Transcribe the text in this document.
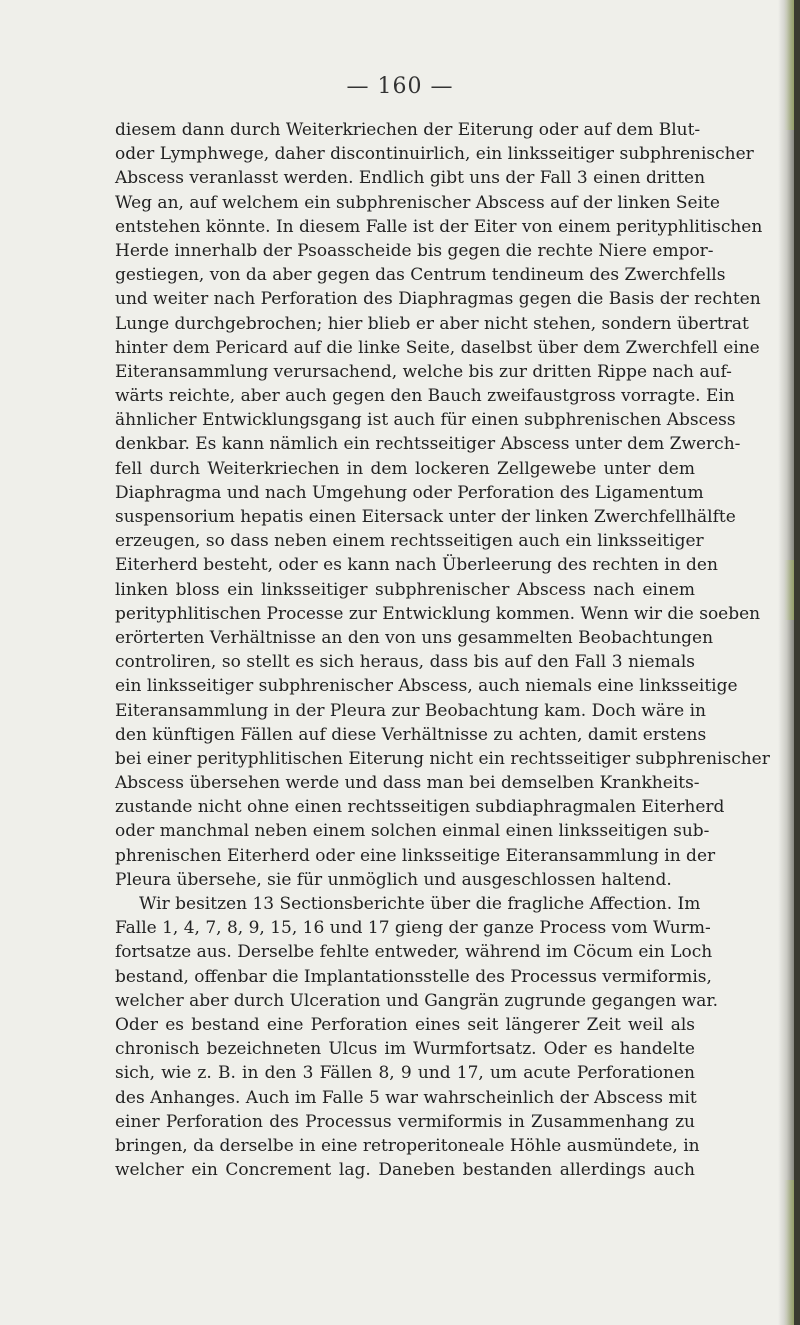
— 160 —
diesem dann durch Weiterkriechen der Eiterung oder auf dem Blut-
oder Lymphwege, daher discontinuirlich, ein linksseitiger subphrenischer
Abscess veranlasst werden. Endlich gibt uns der Fall 3 einen dritten
Weg an, auf welchem ein subphrenischer Abscess auf der linken Seite
entstehen könnte. In diesem Falle ist der Eiter von einem perityphlitischen
Herde innerhalb der Psoasscheide bis gegen die rechte Niere empor-
gestiegen, von da aber gegen das Centrum tendineum des Zwerchfells
und weiter nach Perforation des Diaphragmas gegen die Basis der rechten
Lunge durchgebrochen; hier blieb er aber nicht stehen, sondern übertrat
hinter dem Pericard auf die linke Seite, daselbst über dem Zwerchfell eine
Eiteransammlung verursachend, welche bis zur dritten Rippe nach auf-
wärts reichte, aber auch gegen den Bauch zweifaustgross vorragte. Ein
ähnlicher Entwicklungsgang ist auch für einen subphrenischen Abscess
denkbar. Es kann nämlich ein rechtsseitiger Abscess unter dem Zwerch-
fell durch Weiterkriechen in dem lockeren Zellgewebe unter dem
Diaphragma und nach Umgehung oder Perforation des Ligamentum
suspensorium hepatis einen Eitersack unter der linken Zwerchfellhälfte
erzeugen, so dass neben einem rechtsseitigen auch ein linksseitiger
Eiterherd besteht, oder es kann nach Überleerung des rechten in den
linken bloss ein linksseitiger subphrenischer Abscess nach einem
perityphlitischen Processe zur Entwicklung kommen. Wenn wir die soeben
erörterten Verhältnisse an den von uns gesammelten Beobachtungen
controliren, so stellt es sich heraus, dass bis auf den Fall 3 niemals
ein linksseitiger subphrenischer Abscess, auch niemals eine linksseitige
Eiteransammlung in der Pleura zur Beobachtung kam. Doch wäre in
den künftigen Fällen auf diese Verhältnisse zu achten, damit erstens
bei einer perityphlitischen Eiterung nicht ein rechtsseitiger subphrenischer
Abscess übersehen werde und dass man bei demselben Krankheits-
zustande nicht ohne einen rechtsseitigen subdiaphragmalen Eiterherd
oder manchmal neben einem solchen einmal einen linksseitigen sub-
phrenischen Eiterherd oder eine linksseitige Eiteransammlung in der
Pleura übersehe, sie für unmöglich und ausgeschlossen haltend.
Wir besitzen 13 Sectionsberichte über die fragliche Affection. Im
Falle 1, 4, 7, 8, 9, 15, 16 und 17 gieng der ganze Process vom Wurm-
fortsatze aus. Derselbe fehlte entweder, während im Cöcum ein Loch
bestand, offenbar die Implantationsstelle des Processus vermiformis,
welcher aber durch Ulceration und Gangrän zugrunde gegangen war.
Oder es bestand eine Perforation eines seit längerer Zeit weil als
chronisch bezeichneten Ulcus im Wurmfortsatz. Oder es handelte
sich, wie z. B. in den 3 Fällen 8, 9 und 17, um acute Perforationen
des Anhanges. Auch im Falle 5 war wahrscheinlich der Abscess mit
einer Perforation des Processus vermiformis in Zusammenhang zu
bringen, da derselbe in eine retroperitoneale Höhle ausmündete, in
welcher ein Concrement lag. Daneben bestanden allerdings auch
